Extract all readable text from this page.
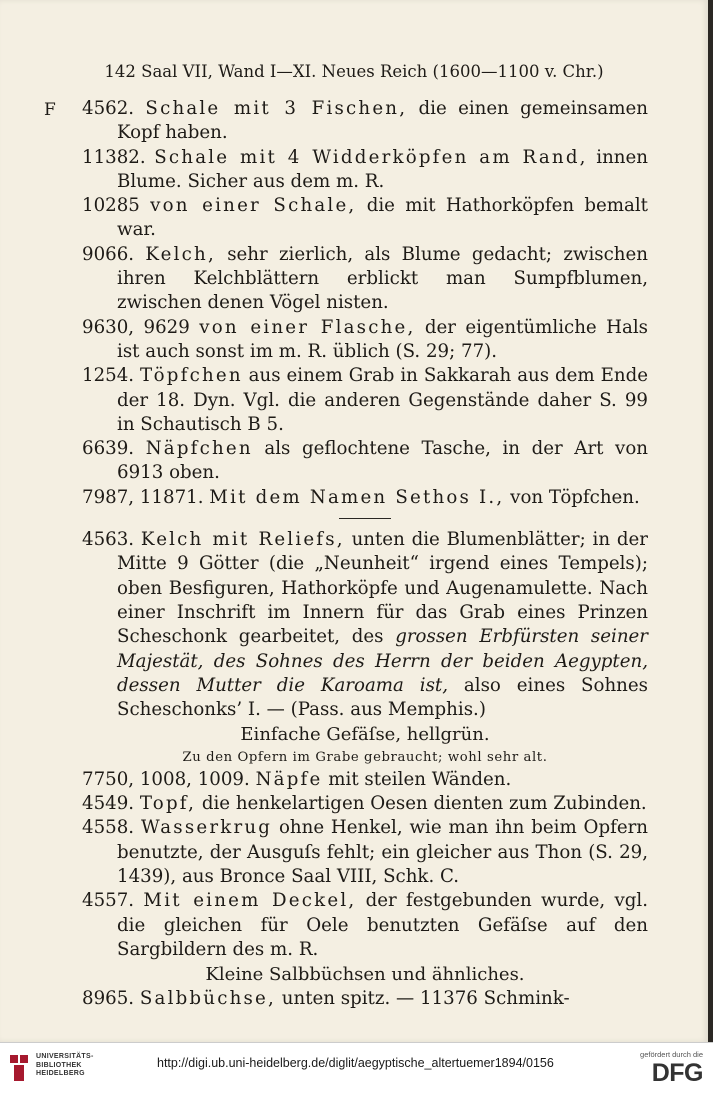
142 Saal VII, Wand I—XI. Neues Reich (1600—1100 v. Chr.)
F 4562. Schale mit 3 Fischen, die einen gemeinsamen Kopf haben.

11382. Schale mit 4 Widderköpfen am Rand, innen Blume. Sicher aus dem m. R.

10285 von einer Schale, die mit Hathorköpfen bemalt war.

9066. Kelch, sehr zierlich, als Blume gedacht; zwischen ihren Kelchblättern erblickt man Sumpfblumen, zwischen denen Vögel nisten.

9630, 9629 von einer Flasche, der eigentümliche Hals ist auch sonst im m. R. üblich (S. 29; 77).

1254. Töpfchen aus einem Grab in Sakkarah aus dem Ende der 18. Dyn. Vgl. die anderen Gegenstände daher S. 99 in Schautisch B 5.

6639. Näpfchen als geflochtene Tasche, in der Art von 6913 oben.

7987, 11871. Mit dem Namen Sethos I., von Töpfchen.

4563. Kelch mit Reliefs, unten die Blumenblätter; in der Mitte 9 Götter (die „Neunheit“ irgend eines Tempels); oben Besfiguren, Hathorköpfe und Augenamulette. Nach einer Inschrift im Innern für das Grab eines Prinzen Scheschonk gearbeitet, des grossen Erbfürsten seiner Majestät, des Sohnes des Herrn der beiden Aegypten, dessen Mutter die Karoama ist, also eines Sohnes Scheschonks’ I. — (Pass. aus Memphis.)

Einfache Gefäſse, hellgrün.

Zu den Opfern im Grabe gebraucht; wohl sehr alt.

7750, 1008, 1009. Näpfe mit steilen Wänden.

4549. Topf, die henkelartigen Oesen dienten zum Zubinden.

4558. Wasserkrug ohne Henkel, wie man ihn beim Opfern benutzte, der Ausguſs fehlt; ein gleicher aus Thon (S. 29, 1439), aus Bronce Saal VIII, Schk. C.

4557. Mit einem Deckel, der festgebunden wurde, vgl. die gleichen für Oele benutzten Gefäſse auf den Sargbildern des m. R.

Kleine Salbbüchsen und ähnliches.

8965. Salbbüchse, unten spitz. — 11376 Schmink-

UNIVERSITÄTS-
BIBLIOTHEK
HEIDELBERG
http://digi.ub.uni-heidelberg.de/diglit/aegyptische_altertuemer1894/0156
gefördert durch die
DFG
